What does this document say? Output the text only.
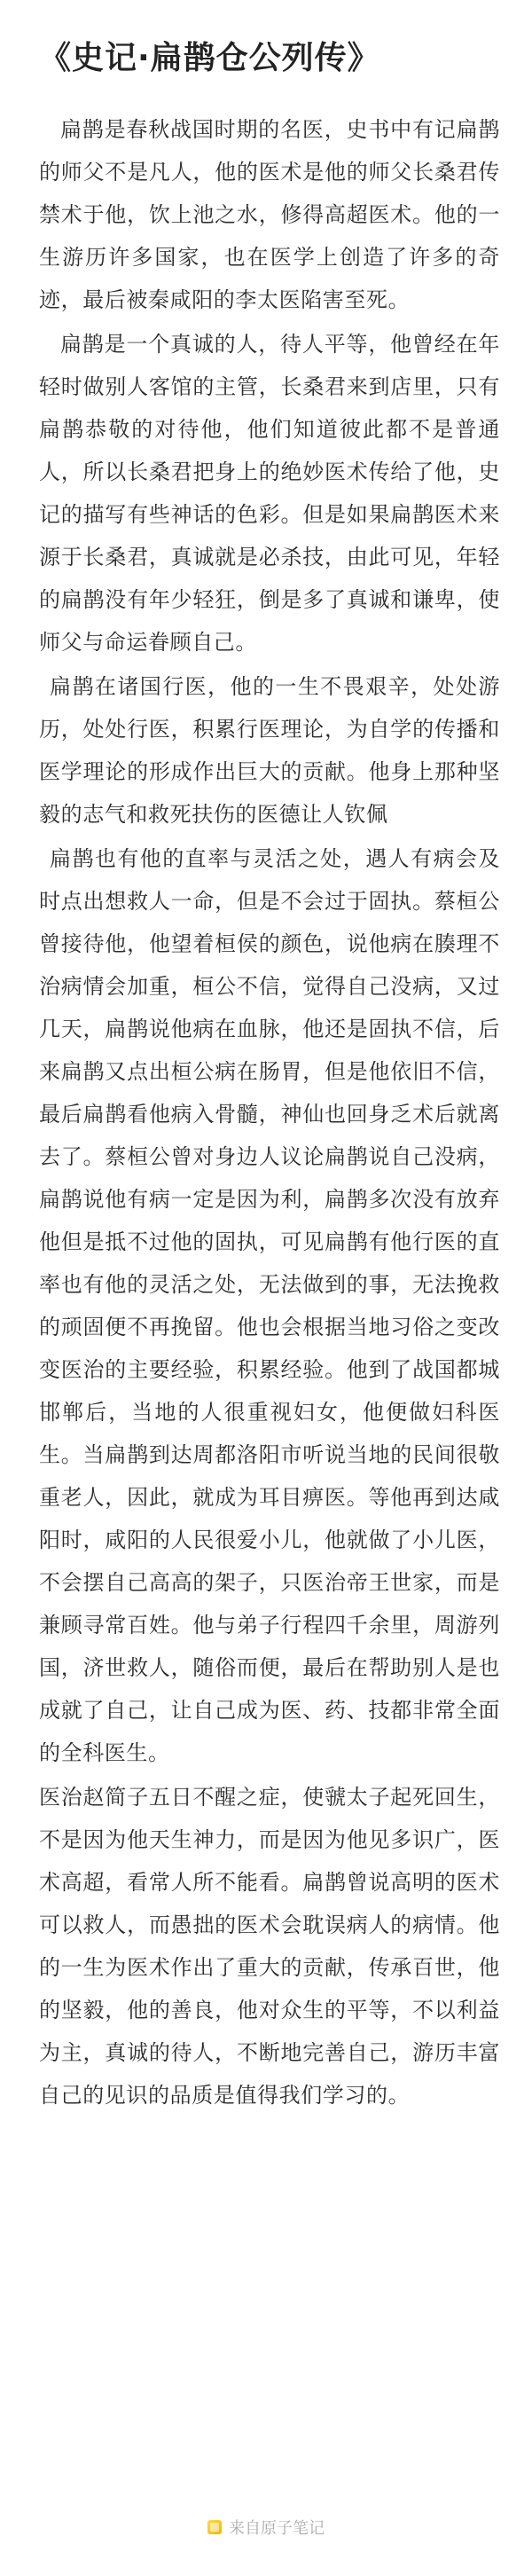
《史记·扁鹊仓公列传》

扁鹊是春秋战国时期的名医，史书中有记扁鹊的师父不是凡人，他的医术是他的师父长桑君传禁术于他，饮上池之水，修得高超医术。他的一生游历许多国家，也在医学上创造了许多的奇迹，最后被秦咸阳的李太医陷害至死。

扁鹊是一个真诚的人，待人平等，他曾经在年轻时做别人客馆的主管，长桑君来到店里，只有扁鹊恭敬的对待他，他们知道彼此都不是普通人，所以长桑君把身上的绝妙医术传给了他，史记的描写有些神话的色彩。但是如果扁鹊医术来源于长桑君，真诚就是必杀技，由此可见，年轻的扁鹊没有年少轻狂，倒是多了真诚和谦卑，使师父与命运眷顾自己。

扁鹊在诸国行医，他的一生不畏艰辛，处处游历，处处行医，积累行医理论，为自学的传播和医学理论的形成作出巨大的贡献。他身上那种坚毅的志气和救死扶伤的医德让人钦佩

扁鹊也有他的直率与灵活之处，遇人有病会及时点出想救人一命，但是不会过于固执。蔡桓公曾接待他，他望着桓侯的颜色，说他病在腠理不治病情会加重，桓公不信，觉得自己没病，又过几天，扁鹊说他病在血脉，他还是固执不信，后来扁鹊又点出桓公病在肠胃，但是他依旧不信，最后扁鹊看他病入骨髓，神仙也回身乏术后就离去了。蔡桓公曾对身边人议论扁鹊说自己没病，扁鹊说他有病一定是因为利，扁鹊多次没有放弃他但是抵不过他的固执，可见扁鹊有他行医的直率也有他的灵活之处，无法做到的事，无法挽救的顽固便不再挽留。他也会根据当地习俗之变改变医治的主要经验，积累经验。他到了战国都城邯郸后，当地的人很重视妇女，他便做妇科医生。当扁鹊到达周都洛阳市听说当地的民间很敬重老人，因此，就成为耳目痹医。等他再到达咸阳时，咸阳的人民很爱小儿，他就做了小儿医，不会摆自己高高的架子，只医治帝王世家，而是兼顾寻常百姓。他与弟子行程四千余里，周游列国，济世救人，随俗而便，最后在帮助别人是也成就了自己，让自己成为医、药、技都非常全面的全科医生。

医治赵简子五日不醒之症，使虢太子起死回生，不是因为他天生神力，而是因为他见多识广，医术高超，看常人所不能看。扁鹊曾说高明的医术可以救人，而愚拙的医术会耽误病人的病情。他的一生为医术作出了重大的贡献，传承百世，他的坚毅，他的善良，他对众生的平等，不以利益为主，真诚的待人，不断地完善自己，游历丰富自己的见识的品质是值得我们学习的。

来自原子笔记
